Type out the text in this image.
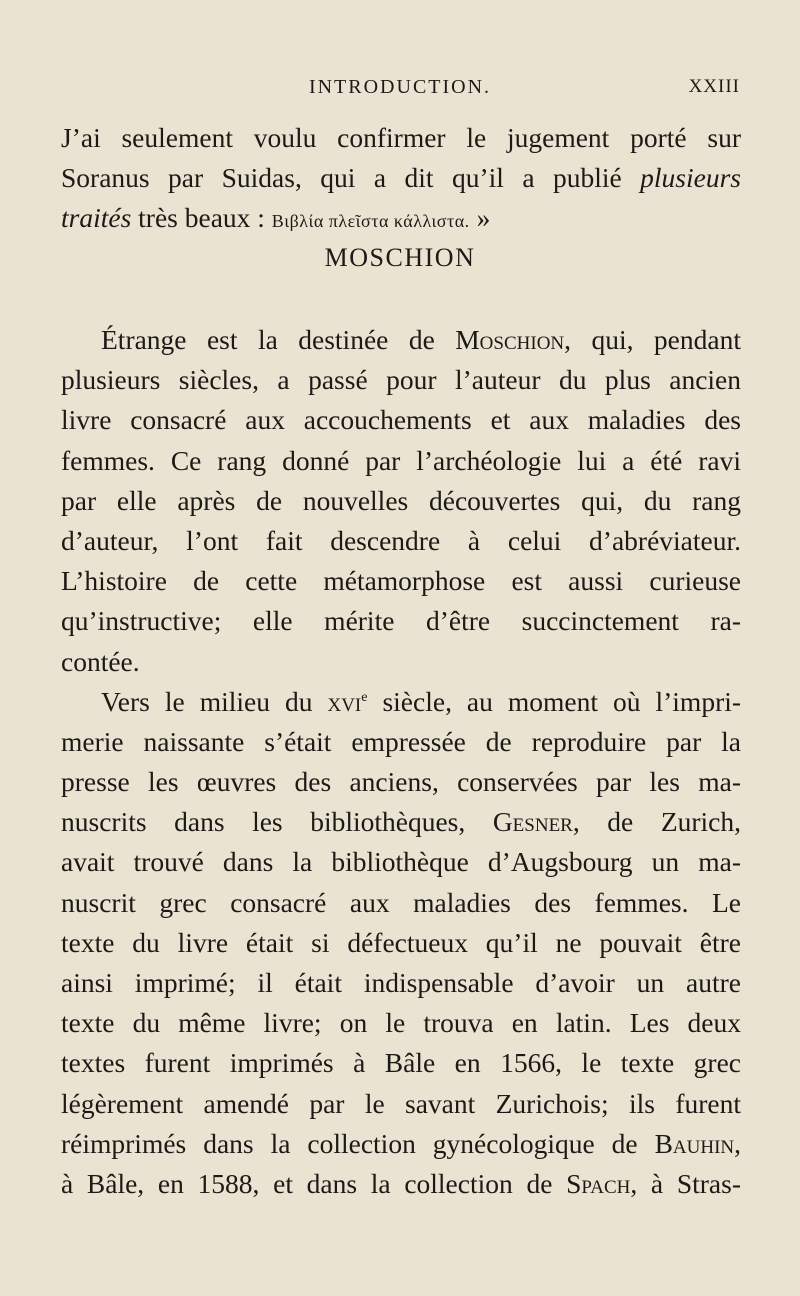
INTRODUCTION.	XXIII
J’ai seulement voulu confirmer le jugement porté sur
Soranus par Suidas, qui a dit qu’il a publié plusieurs
traités très beaux : Βιβλία πλεῖστα κάλλιστα. »
MOSCHION
Étrange est la destinée de Moschion, qui, pendant
plusieurs siècles, a passé pour l’auteur du plus ancien
livre consacré aux accouchements et aux maladies des
femmes. Ce rang donné par l’archéologie lui a été ravi
par elle après de nouvelles découvertes qui, du rang
d’auteur, l’ont fait descendre à celui d’abréviateur.
L’histoire de cette métamorphose est aussi curieuse
qu’instructive; elle mérite d’être succinctement ra-
contée.
Vers le milieu du xvi$^e$ siècle, au moment où l’impri-
merie naissante s’était empressée de reproduire par la
presse les œuvres des anciens, conservées par les ma-
nuscrits dans les bibliothèques, Gesner, de Zurich,
avait trouvé dans la bibliothèque d’Augsbourg un ma-
nuscrit grec consacré aux maladies des femmes. Le
texte du livre était si défectueux qu’il ne pouvait être
ainsi imprimé; il était indispensable d’avoir un autre
texte du même livre; on le trouva en latin. Les deux
textes furent imprimés à Bâle en 1566, le texte grec
légèrement amendé par le savant Zurichois; ils furent
réimprimés dans la collection gynécologique de Bauhin,
à Bâle, en 1588, et dans la collection de Spach, à Stras-
